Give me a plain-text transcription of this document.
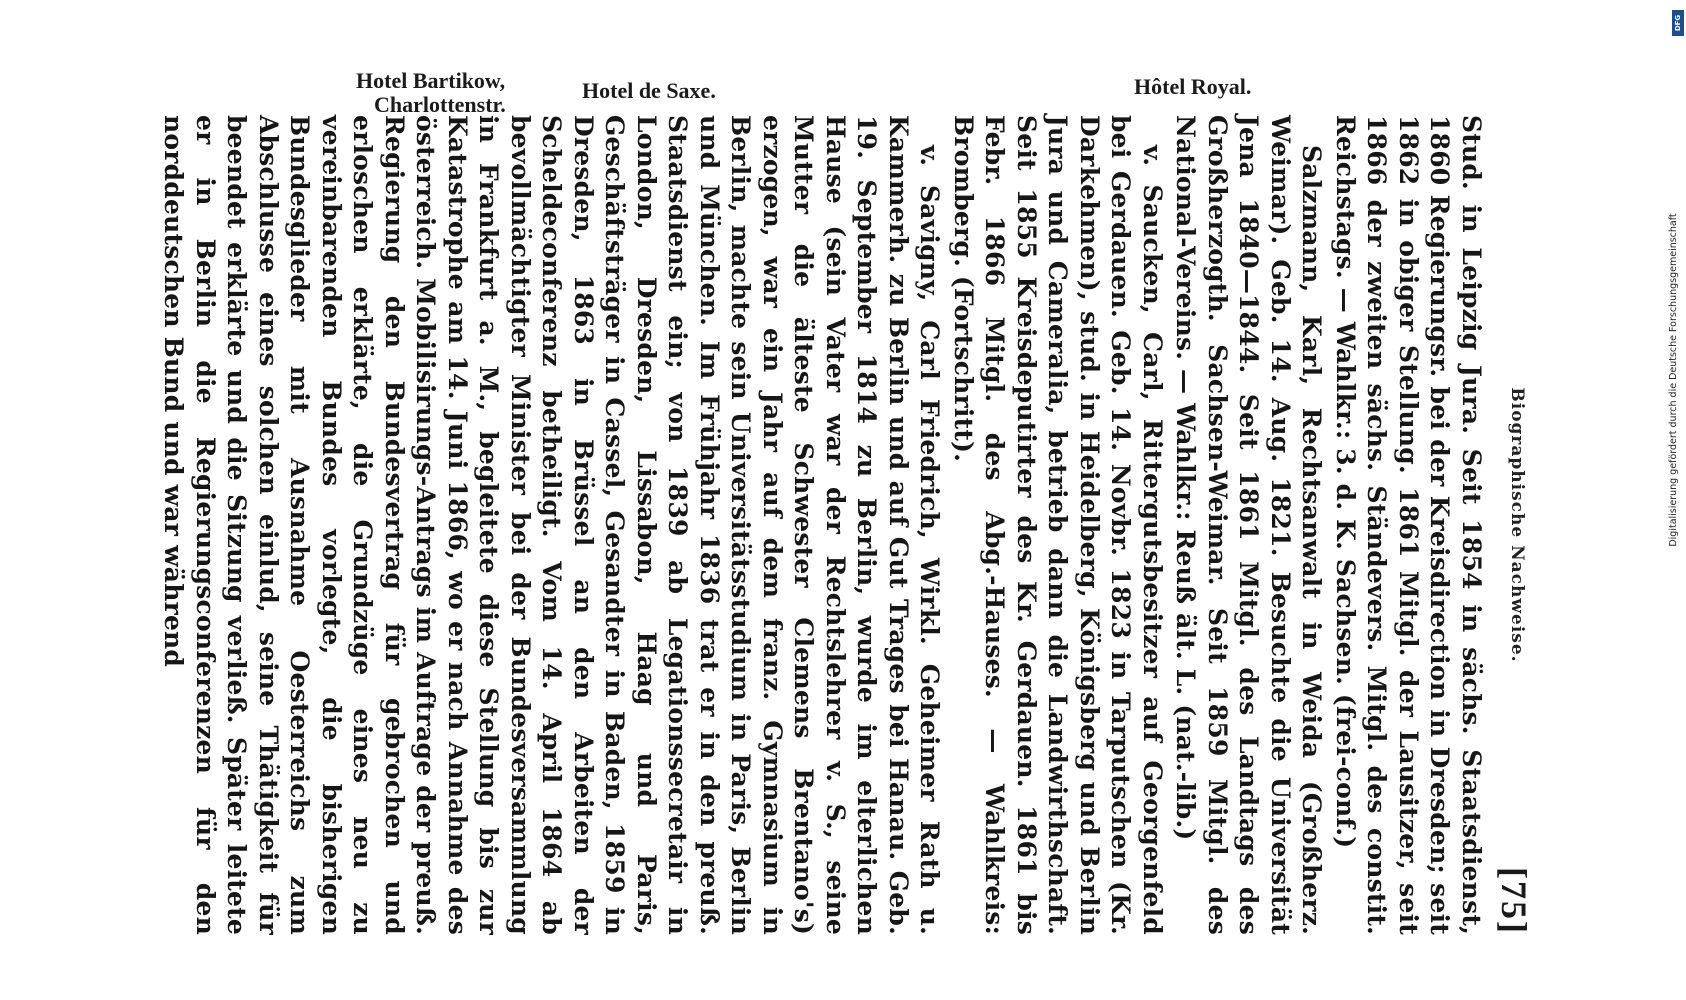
Hotel Bartikow,
Charlottenstr.
Hotel de Saxe.	Hôtel Royal.

Biographische Nachweise.

[75]

Stud. in Leipzig Jura. Seit 1854 in sächs. Staatsdienst, 1860 Regierungsr. bei der Kreisdirection in Dresden; seit 1862 in obiger Stellung. 1861 Mitgl. der Lausitzer, seit 1866 der zweiten sächs. Ständevers. Mitgl. des constit. Reichstags. — Wahlkr.: 3. d. K. Sachsen. (frei-conf.)

Salzmann, Karl, Rechtsanwalt in Weida (Großherz. Weimar). Geb. 14. Aug. 1821. Besuchte die Universität Jena 1840—1844. Seit 1861 Mitgl. des Landtags des Großherzogth. Sachsen-Weimar. Seit 1859 Mitgl. des National-Vereins. — Wahlkr.: Reuß ält. L. (nat.-lib.)

v. Saucken, Carl, Rittergutsbesitzer auf Georgenfeld bei Gerdauen. Geb. 14. Novbr. 1823 in Tarputschen (Kr. Darkehmen), stud. in Heidelberg, Königsberg und Berlin Jura und Cameralia, betrieb dann die Landwirthschaft. Seit 1855 Kreisdeputirter des Kr. Gerdauen. 1861 bis Febr. 1866 Mitgl. des Abg.-Hauses. — Wahlkreis: Bromberg. (Fortschritt).

v. Savigny, Carl Friedrich, Wirkl. Geheimer Rath u. Kammerh. zu Berlin und auf Gut Trages bei Hanau. Geb. 19. September 1814 zu Berlin, wurde im elterlichen Hause (sein Vater war der Rechtslehrer v. S., seine Mutter die älteste Schwester Clemens Brentano's) erzogen, war ein Jahr auf dem franz. Gymnasium in Berlin, machte sein Universitätsstudium in Paris, Berlin und München. Im Frühjahr 1836 trat er in den preuß. Staatsdienst ein; von 1839 ab Legationssecretair in London, Dresden, Lissabon, Haag und Paris, Geschäftsträger in Cassel, Gesandter in Baden, 1859 in Dresden, 1863 in Brüssel an den Arbeiten der Scheldeconferenz betheiligt. Vom 14. April 1864 ab bevollmächtigter Minister bei der Bundesversammlung in Frankfurt a. M., begleitete diese Stellung bis zur Katastrophe am 14. Juni 1866, wo er nach Annahme des österreich. Mobilisirungs-Antrags im Auftrage der preuß. Regierung den Bundesvertrag für gebrochen und erloschen erklärte, die Grundzüge eines neu zu vereinbarenden Bundes vorlegte, die bisherigen Bundesglieder mit Ausnahme Oesterreichs zum Abschlusse eines solchen einlud, seine Thätigkeit für beendet erklärte und die Sitzung verließ. Später leitete er in Berlin die Regierungsconferenzen für den norddeutschen Bund und war während

DFG
Digitalisierung gefördert durch die Deutsche Forschungsgemeinschaft
